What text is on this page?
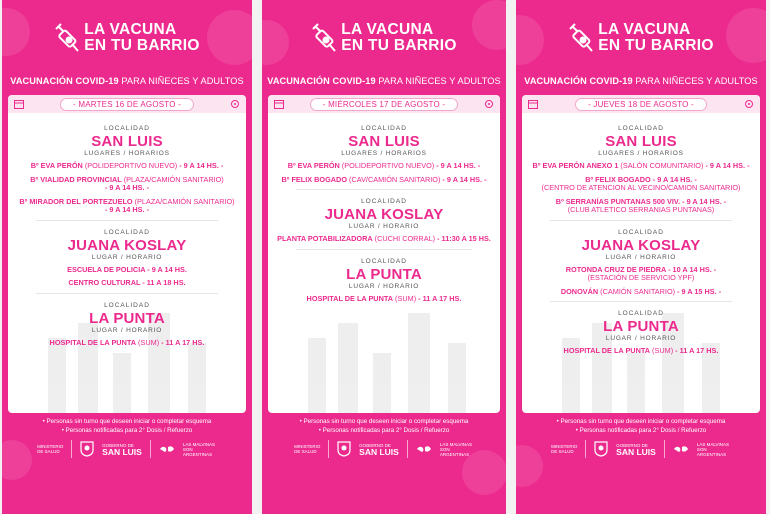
LA VACUNA
EN TU BARRIO
VACUNACIÓN COVID-19 PARA NIÑECES Y ADULTOS
- MARTES 16 DE AGOSTO -
LOCALIDAD
SAN LUIS
LUGARES / HORARIOS
Bº EVA PERÓN (POLIDEPORTIVO NUEVO) - 9 A 14 HS. -
Bº VIALIDAD PROVINCIAL (PLAZA/CAMIÓN SANITARIO)
- 9 A 14 HS. -
Bº MIRADOR DEL PORTEZUELO (PLAZA/CAMIÓN SANITARIO)
- 9 A 14 HS. -
LOCALIDAD
JUANA KOSLAY
LUGAR / HORARIO
ESCUELA DE POLICIA - 9 A 14 HS.
CENTRO CULTURAL - 11 A 18 HS.
LOCALIDAD
LA PUNTA
LUGAR / HORARIO
HOSPITAL DE LA PUNTA (SUM) - 11 A 17 HS.
• Personas sin turno que deseen iniciar o completar esquema
• Personas notificadas para 2° Dosis / Refuerzo
MINISTERIO DE SALUD
GOBIERNO DE
SAN LUIS
LAS MALVINAS SON ARGENTINAS
LA VACUNA
EN TU BARRIO
VACUNACIÓN COVID-19 PARA NIÑECES Y ADULTOS
- MIÉRCOLES 17 DE AGOSTO -
LOCALIDAD
SAN LUIS
LUGARES / HORARIOS
Bº EVA PERÓN (POLIDEPORTIVO NUEVO) - 9 A 14 HS. -
Bº FELIX BOGADO (CAV/CAMIÓN SANITARIO) - 9 A 14 HS. -
LOCALIDAD
JUANA KOSLAY
LUGAR / HORARIO
PLANTA POTABILIZADORA (CUCHI CORRAL) - 11:30 A 15 HS.
LOCALIDAD
LA PUNTA
LUGAR / HORARIO
HOSPITAL DE LA PUNTA (SUM) - 11 A 17 HS.
• Personas sin turno que deseen iniciar o completar esquema
• Personas notificadas para 2° Dosis / Refuerzo
MINISTERIO DE SALUD
GOBIERNO DE
SAN LUIS
LAS MALVINAS SON ARGENTINAS
LA VACUNA
EN TU BARRIO
VACUNACIÓN COVID-19 PARA NIÑECES Y ADULTOS
- JUEVES 18 DE AGOSTO -
LOCALIDAD
SAN LUIS
LUGARES / HORARIOS
Bº EVA PERÓN ANEXO 1 (SALÓN COMUNITARIO) - 9 A 14 HS. -
Bº FELIX BOGADO - 9 A 14 HS. -
(CENTRO DE ATENCION AL VECINO/CAMION SANITARIO)
Bº SERRANÍAS PUNTANAS 500 VIV. - 9 A 14 HS. -
(CLUB ATLETICO SERRANIAS PUNTANAS)
LOCALIDAD
JUANA KOSLAY
LUGAR / HORARIO
ROTONDA CRUZ DE PIEDRA - 10 A 14 HS. -
(ESTACIÓN DE SERVICIO YPF)
DONOVÁN (CAMIÓN SANITARIO) - 9 A 15 HS. -
LOCALIDAD
LA PUNTA
LUGAR / HORARIO
HOSPITAL DE LA PUNTA (SUM) - 11 A 17 HS.
• Personas sin turno que deseen iniciar o completar esquema
• Personas notificadas para 2° Dosis / Refuerzo
MINISTERIO DE SALUD
GOBIERNO DE
SAN LUIS
LAS MALVINAS SON ARGENTINAS
